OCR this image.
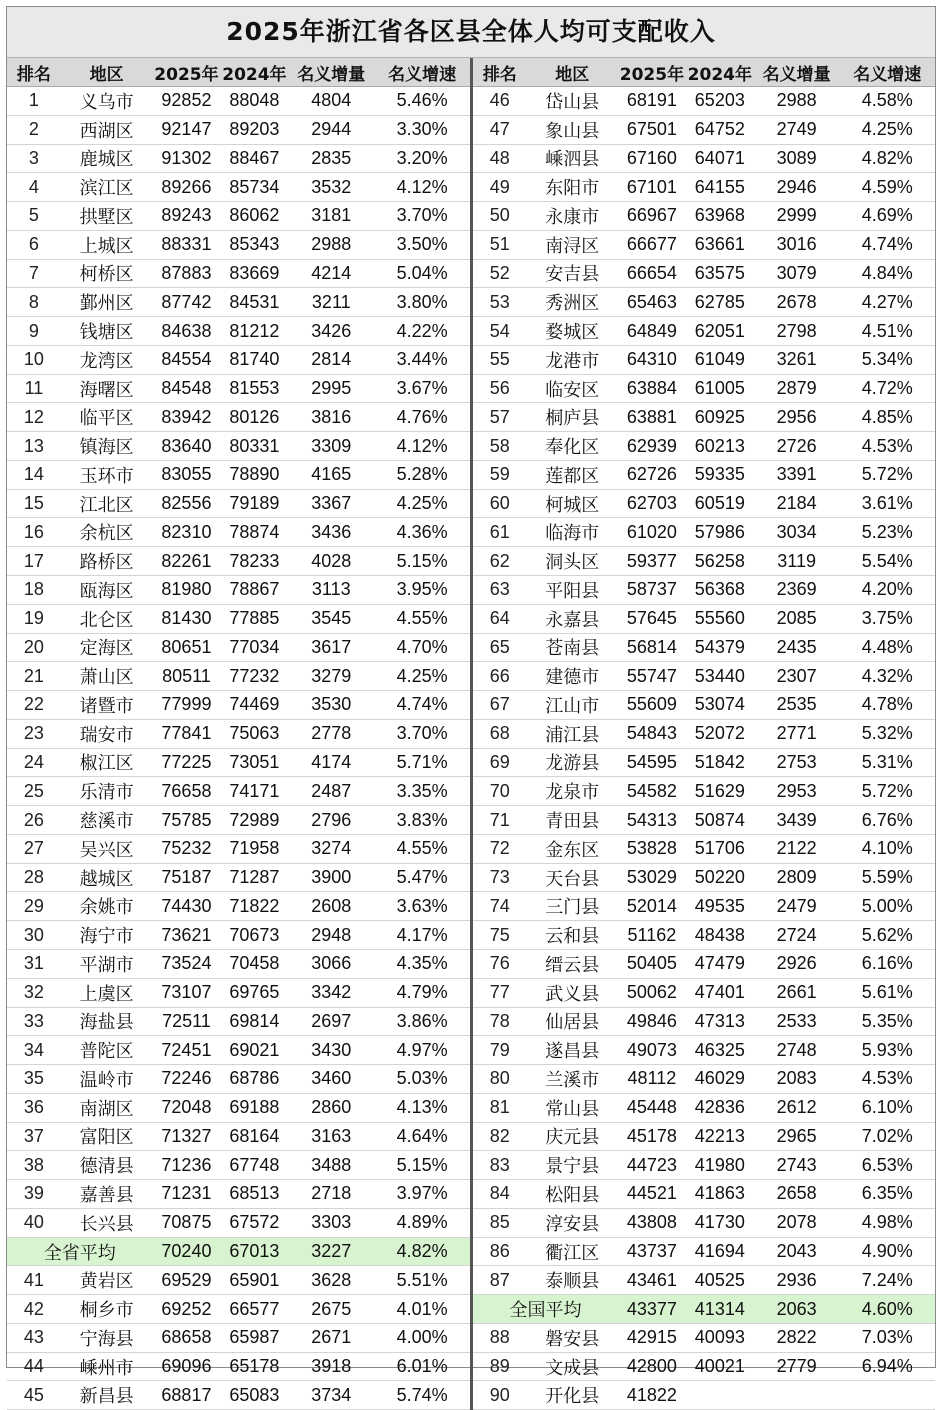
2025年浙江省各区县全体人均可支配收入
排名	地区	2025年	2024年	名义增量	名义增速
1	义乌市	92852	88048	4804	5.46%
2	西湖区	92147	89203	2944	3.30%
3	鹿城区	91302	88467	2835	3.20%
4	滨江区	89266	85734	3532	4.12%
5	拱墅区	89243	86062	3181	3.70%
6	上城区	88331	85343	2988	3.50%
7	柯桥区	87883	83669	4214	5.04%
8	鄞州区	87742	84531	3211	3.80%
9	钱塘区	84638	81212	3426	4.22%
10	龙湾区	84554	81740	2814	3.44%
11	海曙区	84548	81553	2995	3.67%
12	临平区	83942	80126	3816	4.76%
13	镇海区	83640	80331	3309	4.12%
14	玉环市	83055	78890	4165	5.28%
15	江北区	82556	79189	3367	4.25%
16	余杭区	82310	78874	3436	4.36%
17	路桥区	82261	78233	4028	5.15%
18	瓯海区	81980	78867	3113	3.95%
19	北仑区	81430	77885	3545	4.55%
20	定海区	80651	77034	3617	4.70%
21	萧山区	80511	77232	3279	4.25%
22	诸暨市	77999	74469	3530	4.74%
23	瑞安市	77841	75063	2778	3.70%
24	椒江区	77225	73051	4174	5.71%
25	乐清市	76658	74171	2487	3.35%
26	慈溪市	75785	72989	2796	3.83%
27	吴兴区	75232	71958	3274	4.55%
28	越城区	75187	71287	3900	5.47%
29	余姚市	74430	71822	2608	3.63%
30	海宁市	73621	70673	2948	4.17%
31	平湖市	73524	70458	3066	4.35%
32	上虞区	73107	69765	3342	4.79%
33	海盐县	72511	69814	2697	3.86%
34	普陀区	72451	69021	3430	4.97%
35	温岭市	72246	68786	3460	5.03%
36	南湖区	72048	69188	2860	4.13%
37	富阳区	71327	68164	3163	4.64%
38	德清县	71236	67748	3488	5.15%
39	嘉善县	71231	68513	2718	3.97%
40	长兴县	70875	67572	3303	4.89%
全省平均		70240	67013	3227	4.82%
41	黄岩区	69529	65901	3628	5.51%
42	桐乡市	69252	66577	2675	4.01%
43	宁海县	68658	65987	2671	4.00%
44	嵊州市	69096	65178	3918	6.01%
45	新昌县	68817	65083	3734	5.74%
排名	地区	2025年	2024年	名义增量	名义增速
46	岱山县	68191	65203	2988	4.58%
47	象山县	67501	64752	2749	4.25%
48	嵊泗县	67160	64071	3089	4.82%
49	东阳市	67101	64155	2946	4.59%
50	永康市	66967	63968	2999	4.69%
51	南浔区	66677	63661	3016	4.74%
52	安吉县	66654	63575	3079	4.84%
53	秀洲区	65463	62785	2678	4.27%
54	婺城区	64849	62051	2798	4.51%
55	龙港市	64310	61049	3261	5.34%
56	临安区	63884	61005	2879	4.72%
57	桐庐县	63881	60925	2956	4.85%
58	奉化区	62939	60213	2726	4.53%
59	莲都区	62726	59335	3391	5.72%
60	柯城区	62703	60519	2184	3.61%
61	临海市	61020	57986	3034	5.23%
62	洞头区	59377	56258	3119	5.54%
63	平阳县	58737	56368	2369	4.20%
64	永嘉县	57645	55560	2085	3.75%
65	苍南县	56814	54379	2435	4.48%
66	建德市	55747	53440	2307	4.32%
67	江山市	55609	53074	2535	4.78%
68	浦江县	54843	52072	2771	5.32%
69	龙游县	54595	51842	2753	5.31%
70	龙泉市	54582	51629	2953	5.72%
71	青田县	54313	50874	3439	6.76%
72	金东区	53828	51706	2122	4.10%
73	天台县	53029	50220	2809	5.59%
74	三门县	52014	49535	2479	5.00%
75	云和县	51162	48438	2724	5.62%
76	缙云县	50405	47479	2926	6.16%
77	武义县	50062	47401	2661	5.61%
78	仙居县	49846	47313	2533	5.35%
79	遂昌县	49073	46325	2748	5.93%
80	兰溪市	48112	46029	2083	4.53%
81	常山县	45448	42836	2612	6.10%
82	庆元县	45178	42213	2965	7.02%
83	景宁县	44723	41980	2743	6.53%
84	松阳县	44521	41863	2658	6.35%
85	淳安县	43808	41730	2078	4.98%
86	衢江区	43737	41694	2043	4.90%
87	泰顺县	43461	40525	2936	7.24%
全国平均		43377	41314	2063	4.60%
88	磐安县	42915	40093	2822	7.03%
89	文成县	42800	40021	2779	6.94%
90	开化县	41822			
